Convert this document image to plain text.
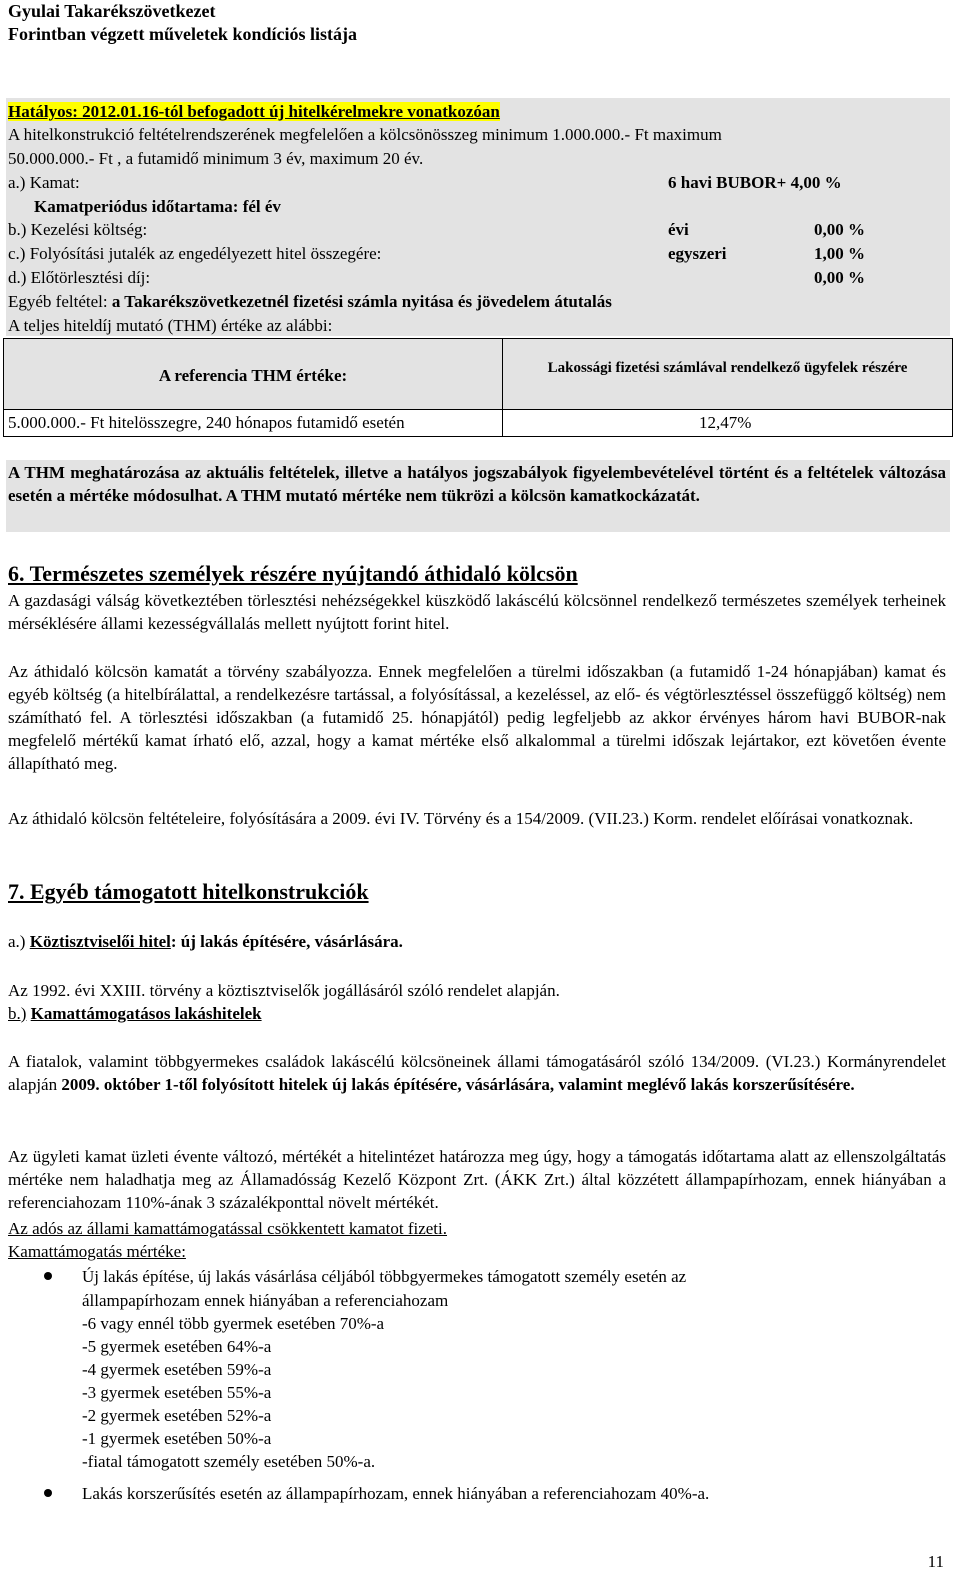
Gyulai Takarékszövetkezet
Forintban végzett műveletek kondíciós listája
Hatályos: 2012.01.16-tól befogadott új hitelkérelmekre vonatkozóan
A hitelkonstrukció feltételrendszerének megfelelően a kölcsönösszeg minimum 1.000.000.- Ft maximum
50.000.000.- Ft , a futamidő minimum 3 év, maximum 20 év.
a.) Kamat:	6 havi BUBOR+ 4,00 %
Kamatperiódus időtartama: fél év
b.) Kezelési költség:	évi	0,00 %
c.) Folyósítási jutalék az engedélyezett hitel összegére:	egyszeri	1,00 %
d.) Előtörlesztési díj:	0,00 %
Egyéb feltétel: a Takarékszövetkezetnél fizetési számla nyitása és jövedelem átutalás
A teljes hiteldíj mutató (THM) értéke az alábbi:
A referencia THM értéke:	Lakossági fizetési számlával rendelkező ügyfelek részére
5.000.000.- Ft hitelösszegre, 240 hónapos futamidő esetén	12,47%
A THM meghatározása az aktuális feltételek, illetve a hatályos jogszabályok figyelembevételével történt és a feltételek változása esetén a mértéke módosulhat. A THM mutató mértéke nem tükrözi a kölcsön kamatkockázatát.
6. Természetes személyek részére nyújtandó áthidaló kölcsön
A gazdasági válság következtében törlesztési nehézségekkel küszködő lakáscélú kölcsönnel rendelkező természetes személyek terheinek mérséklésére állami kezességvállalás mellett nyújtott forint hitel.
Az áthidaló kölcsön kamatát a törvény szabályozza. Ennek megfelelően a türelmi időszakban (a futamidő 1-24 hónapjában) kamat és egyéb költség (a hitelbírálattal, a rendelkezésre tartással, a folyósítással, a kezeléssel, az elő- és végtörlesztéssel összefüggő költség) nem számítható fel. A törlesztési időszakban (a futamidő 25. hónapjától) pedig legfeljebb az akkor érvényes három havi BUBOR-nak megfelelő mértékű kamat írható elő, azzal, hogy a kamat mértéke első alkalommal a türelmi időszak lejártakor, ezt követően évente állapítható meg.
Az áthidaló kölcsön feltételeire, folyósítására a 2009. évi IV. Törvény és a 154/2009. (VII.23.) Korm. rendelet előírásai vonatkoznak.
7. Egyéb támogatott hitelkonstrukciók
a.) Köztisztviselői hitel: új lakás építésére, vásárlására.
Az 1992. évi XXIII. törvény a köztisztviselők jogállásáról szóló rendelet alapján.
b.) Kamattámogatásos lakáshitelek
A fiatalok, valamint többgyermekes családok lakáscélú kölcsöneinek állami támogatásáról szóló 134/2009. (VI.23.) Kormányrendelet alapján 2009. október 1-től folyósított hitelek új lakás építésére, vásárlására, valamint meglévő lakás korszerűsítésére.
Az ügyleti kamat üzleti évente változó, mértékét a hitelintézet határozza meg úgy, hogy a támogatás időtartama alatt az ellenszolgáltatás mértéke nem haladhatja meg az Államadósság Kezelő Központ Zrt. (ÁKK Zrt.) által közzétett állampapírhozam, ennek hiányában a referenciahozam 110%-ának 3 százalékponttal növelt mértékét.
Az adós az állami kamattámogatással csökkentett kamatot fizeti.
Kamattámogatás mértéke:
Új lakás építése, új lakás vásárlása céljából többgyermekes támogatott személy esetén az
állampapírhozam ennek hiányában a referenciahozam
-6 vagy ennél több gyermek esetében 70%-a
-5 gyermek esetében 64%-a
-4 gyermek esetében 59%-a
-3 gyermek esetében 55%-a
-2 gyermek esetében 52%-a
-1 gyermek esetében 50%-a
-fiatal támogatott személy esetében 50%-a.
Lakás korszerűsítés esetén az állampapírhozam, ennek hiányában a referenciahozam 40%-a.
11
